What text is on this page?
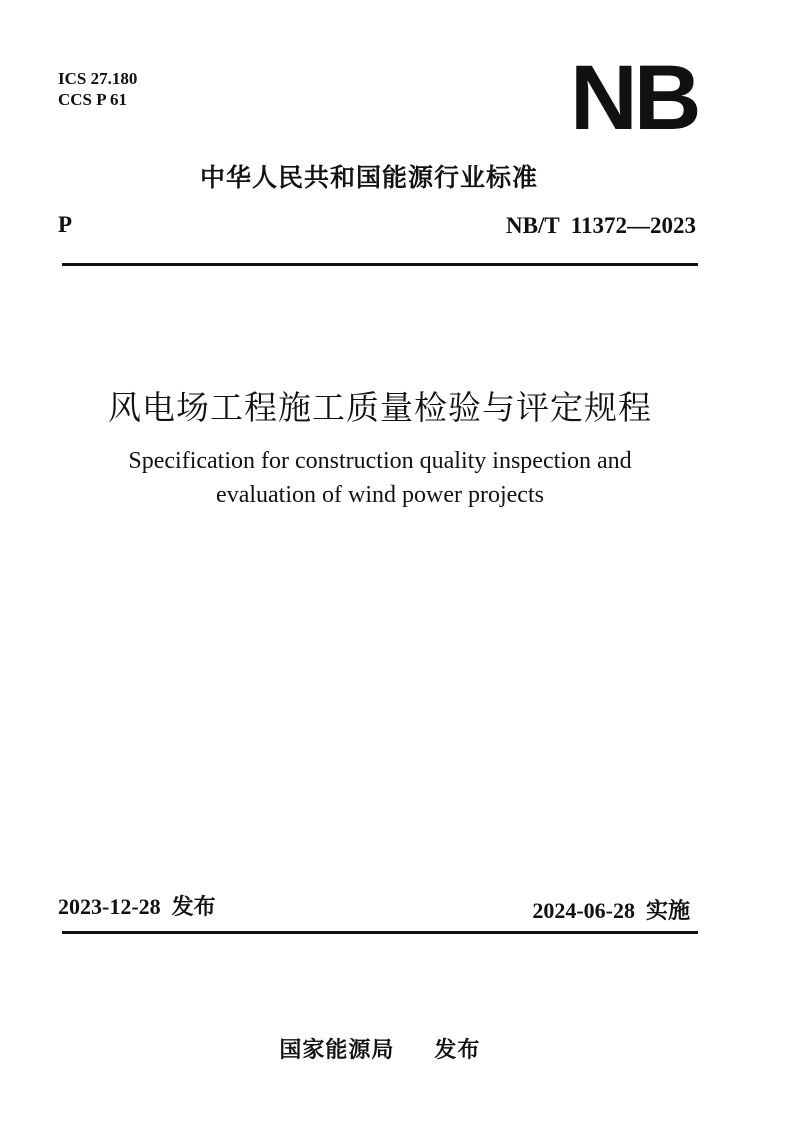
ICS 27.180
CCS P 61	NB
中华人民共和国能源行业标准
P	NB/T  11372—2023
风电场工程施工质量检验与评定规程
Specification for construction quality inspection and
evaluation of wind power projects
2023-12-28  发布	2024-06-28  实施

国家能源局 发布
